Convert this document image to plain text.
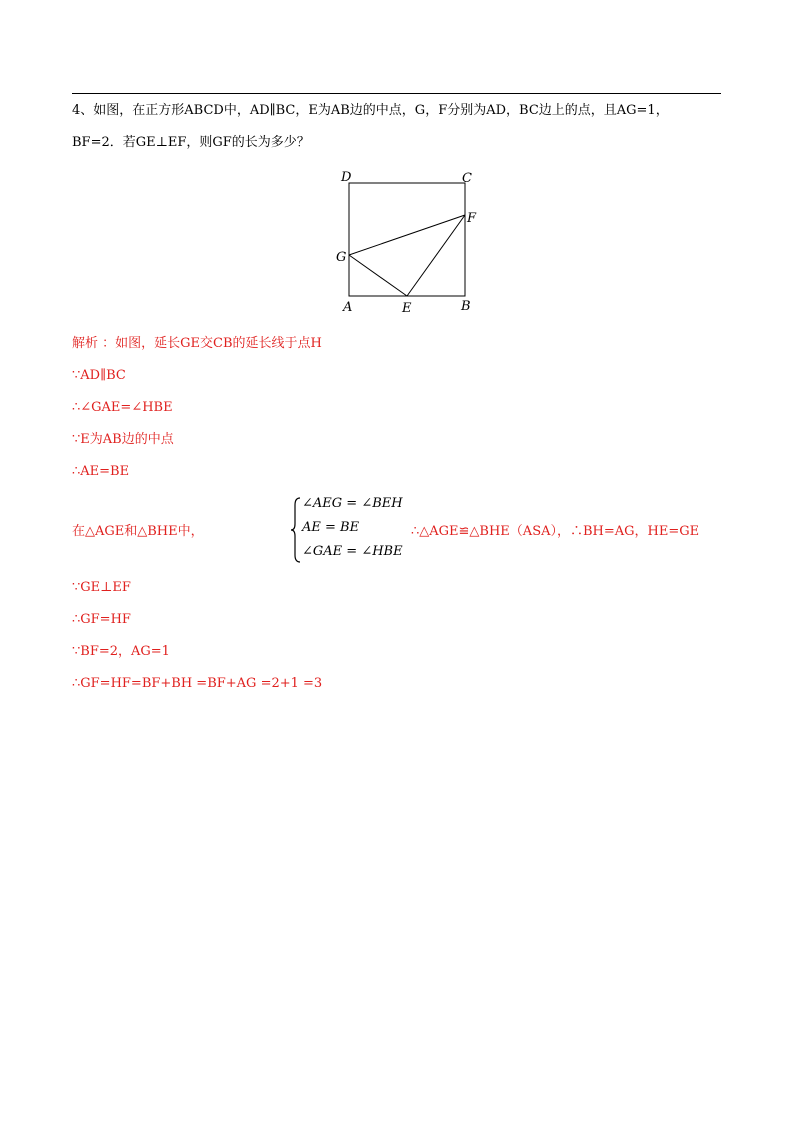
4、如图，在正方形ABCD中，AD∥BC，E为AB边的中点，G，F分别为AD，BC边上的点，且AG=1，
BF=2．若GE⊥EF，则GF的长为多少？
D	C
F
G
A	E	B
解析 ：如图，延长GE交CB的延长线于点H
∵AD∥BC
∴∠GAE=∠HBE
∵E为AB边的中点
∴AE=BE
在△AGE和△BHE中，
∠AEG = ∠BEH
AE = BE
∠GAE = ∠HBE
∴△AGE≌△BHE（ASA），∴BH=AG，HE=GE
∵GE⊥EF
∴GF=HF
∵BF=2，AG=1
∴GF=HF=BF+BH =BF+AG =2+1 =3
